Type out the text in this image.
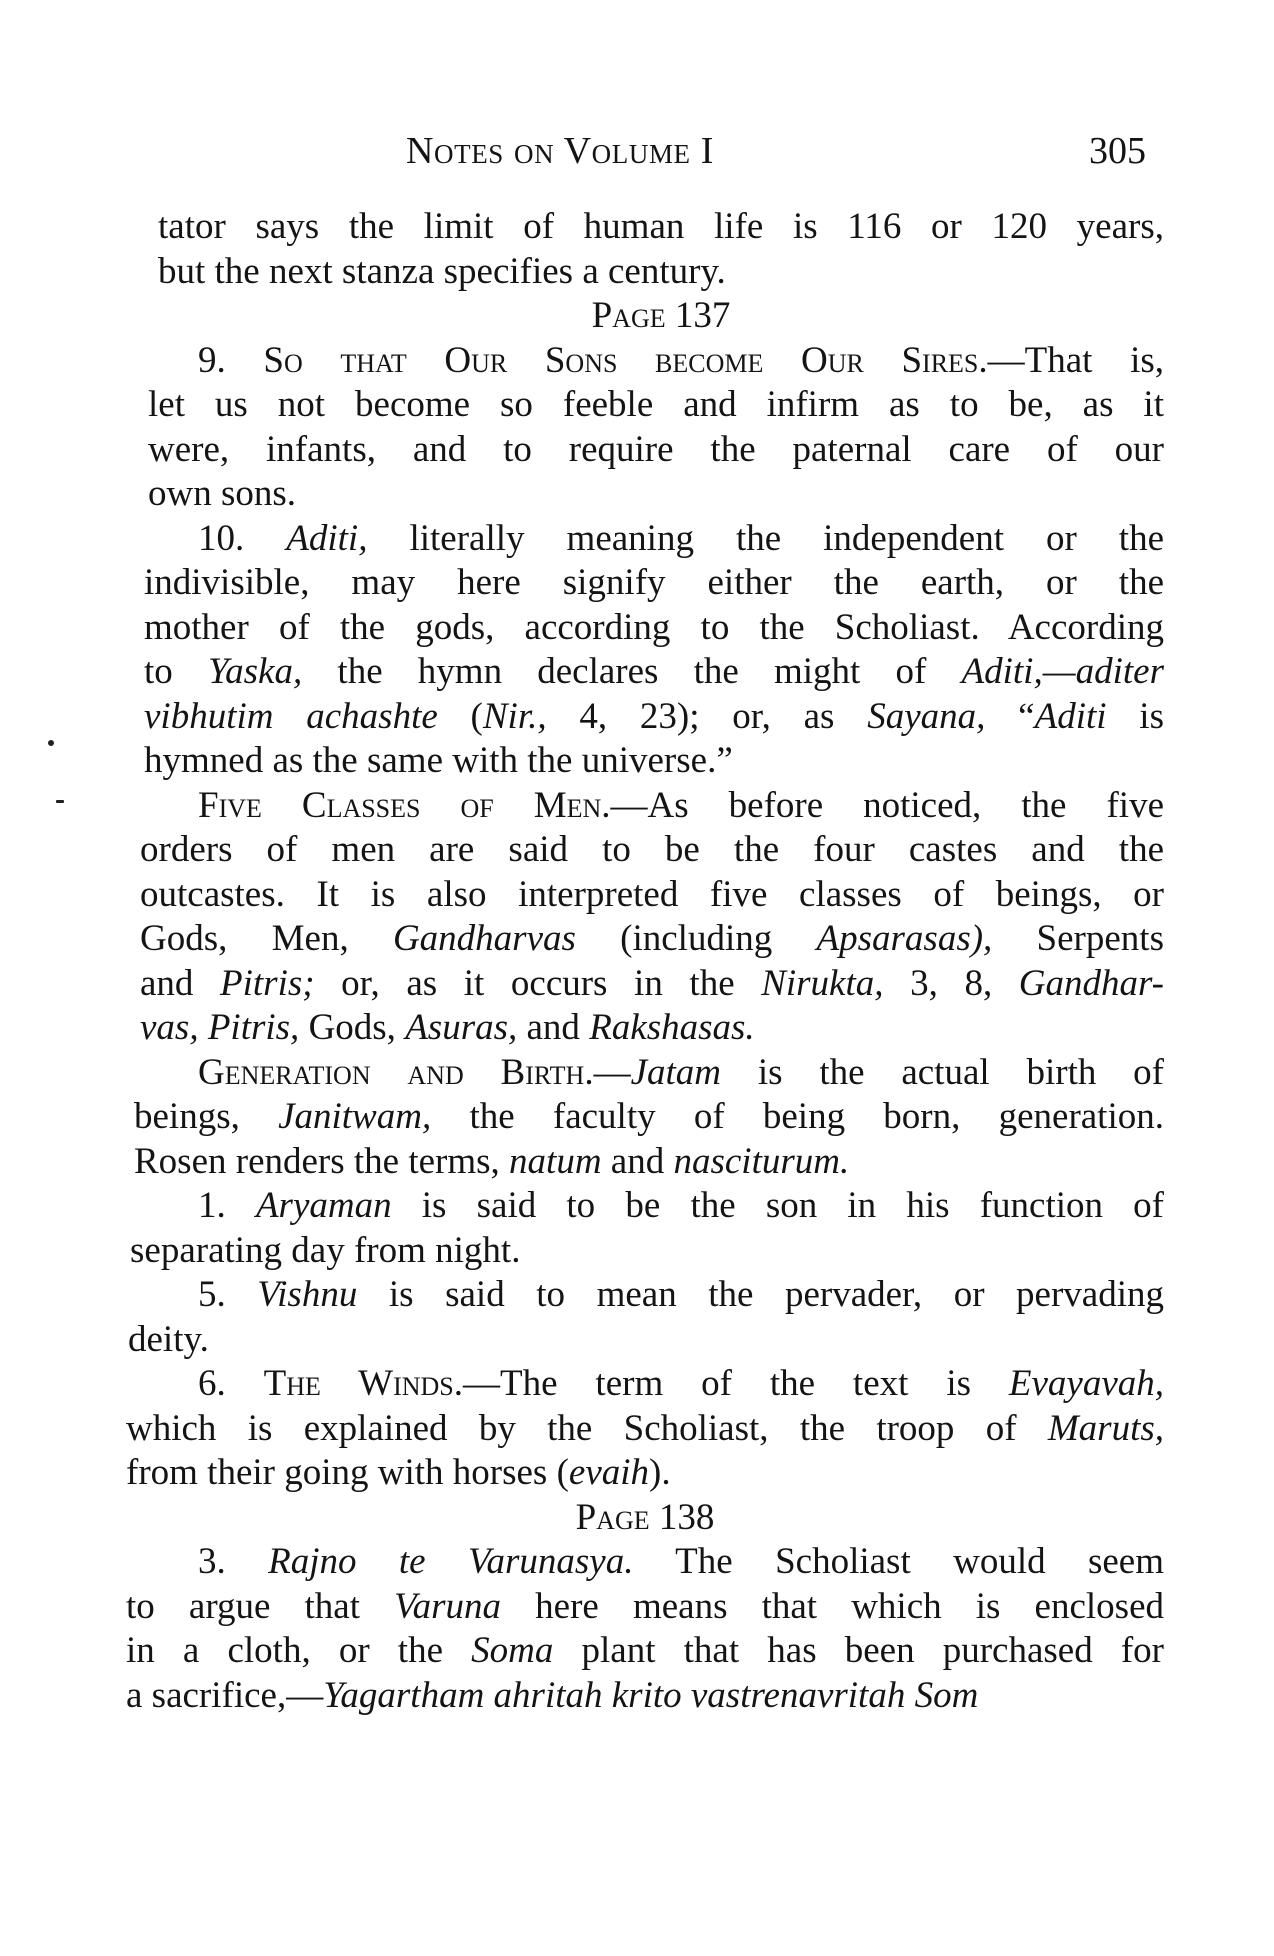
Notes on Volume I	305
tator says the limit of human life is 116 or 120 years,
but the next stanza specifies a century.
Page 137
9. So that Our Sons become Our Sires.—That is,
let us not become so feeble and infirm as to be, as it
were, infants, and to require the paternal care of our
own sons.
10. Aditi, literally meaning the independent or the
indivisible, may here signify either the earth, or the
mother of the gods, according to the Scholiast. According
to Yaska, the hymn declares the might of Aditi,—aditer
vibhutim achashte (Nir., 4, 23); or, as Sayana, “Aditi is
hymned as the same with the universe.”
Five Classes of Men.—As before noticed, the five
orders of men are said to be the four castes and the
outcastes. It is also interpreted five classes of beings, or
Gods, Men, Gandharvas (including Apsarasas), Serpents
and Pitris; or, as it occurs in the Nirukta, 3, 8, Gandhar-
vas, Pitris, Gods, Asuras, and Rakshasas.
Generation and Birth.—Jatam is the actual birth of
beings, Janitwam, the faculty of being born, generation.
Rosen renders the terms, natum and nasciturum.
1. Aryaman is said to be the son in his function of
separating day from night.
5. Vishnu is said to mean the pervader, or pervading
deity.
6. The Winds.—The term of the text is Evayavah,
which is explained by the Scholiast, the troop of Maruts,
from their going with horses (evaih).
Page 138
3. Rajno te Varunasya. The Scholiast would seem
to argue that Varuna here means that which is enclosed
in a cloth, or the Soma plant that has been purchased for
a sacrifice,—Yagartham ahritah krito vastrenavritah Som
